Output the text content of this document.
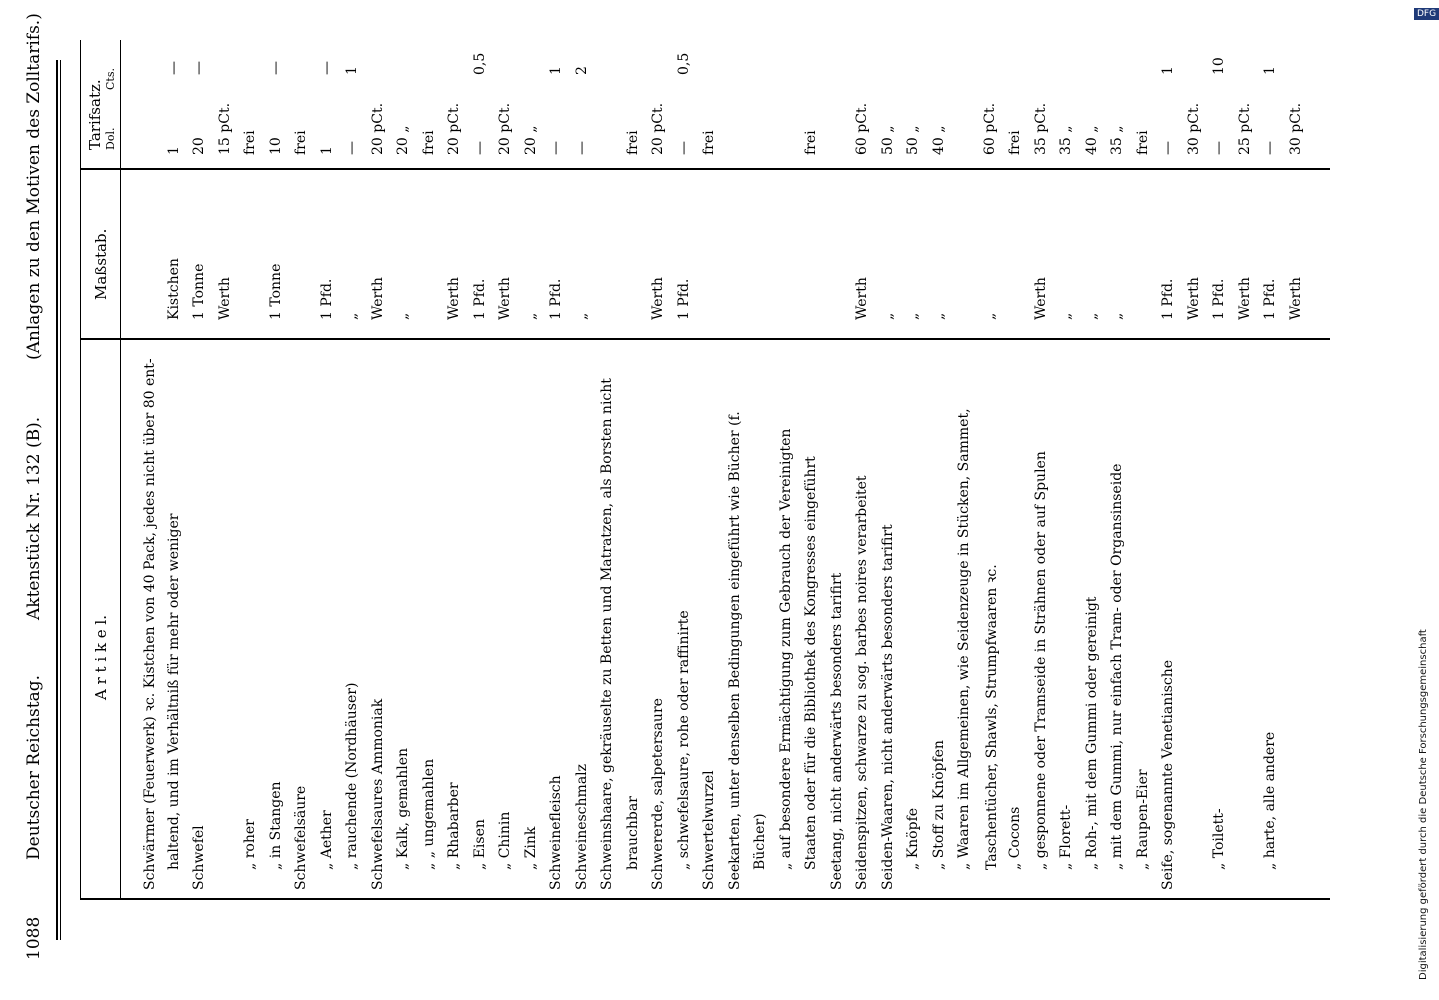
1088
Deutscher Reichstag.
Aktenstück Nr. 132 (B).
(Anlagen zu den Motiven des Zolltarifs.)
A r t i k e l.
Maßstab.
Tarifsatz. Dol.
Cts.
Schwärmer (Feuerwerk) ꝛc. Kistchen von 40 Pack, jedes nicht über 80 ent- haltend, und im Verhältniß für mehr oder weniger
Kistchen
1
—
Schwefel
1 Tonne
20
—
Werth
15 pCt.
„ roher
frei
„ in Stangen
1 Tonne
10
—
Schwefelsäure
frei
„ Aether
1 Pfd.
1
—
„ rauchende (Nordhäuser)
„
—
1
Schwefelsaures Ammoniak
Werth
20 pCt.
„ Kalk, gemahlen
„
20 „
„ „ ungemahlen
frei
„ Rhabarber
Werth
20 pCt.
„ Eisen
1 Pfd.
—
0,5
„ Chinin
Werth
20 pCt.
„ Zink
„
20 „
Schweinefleisch
1 Pfd.
—
1
Schweineschmalz
„
—
2
Schweinshaare, gekräuselte zu Betten und Matratzen, als Borsten nicht brauchbar
frei
Schwererde, salpetersaure
Werth
20 pCt.
„ schwefelsaure, rohe oder raffinirte
1 Pfd.
—
0,5
Schwertelwurzel
frei
Seekarten, unter denselben Bedingungen eingeführt wie Bücher (f. Bücher) „ auf besondere Ermächtigung zum Gebrauch der Vereinigten Staaten oder für die Bibliothek des Kongresses eingeführt
frei
Seetang, nicht anderwärts besonders tarifirt Seidenspitzen, schwarze zu sog. barbes noires verarbeitet
Werth
60 pCt.
Seiden-Waaren, nicht anderwärts besonders tarifirt
„
50 „
„ Knöpfe
„
50 „
„ Stoff zu Knöpfen
„
40 „
„ Waaren im Allgemeinen, wie Seidenzeuge in Stücken, Sammet, Taschentücher, Shawls, Strumpfwaaren ꝛc.
„
60 pCt.
„ Cocons
frei
„ gesponnene oder Tramseide in Strähnen oder auf Spulen
Werth
35 pCt.
„ Florett-
„
35 „
„ Roh-, mit dem Gummi oder gereinigt
„
40 „
„ mit dem Gummi, nur einfach Tram- oder Organsinseide
„
35 „
„ Raupen-Eier
frei
Seife, sogenannte Venetianische
1 Pfd.
—
1
Werth
30 pCt.
„ Toilett-
1 Pfd.
—
10
Werth
25 pCt.
„ harte, alle andere
1 Pfd.
—
1
Werth
30 pCt.
Digitalisierung gefördert durch die Deutsche Forschungsgemeinschaft
DFG
